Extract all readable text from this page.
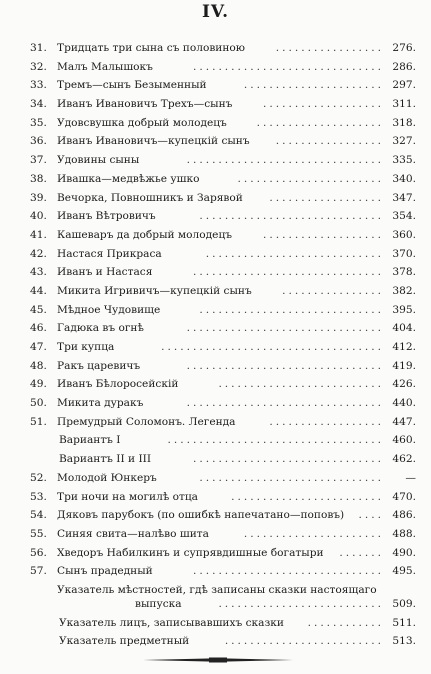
IV.
31. Тридцать три сына съ половиною	................. 276.
32. Малъ Малышокъ	.............................. 286.
33. Тремъ—сынъ Безыменный	...................... 297.
34. Иванъ Ивановичъ Трехъ—сынъ	................... 311.
35. Удовсвушка добрый молодецъ	.................... 318.
36. Иванъ Ивановичъ—купецкій сынъ	................. 327.
37. Удовины сыны	............................... 335.
38. Ивашка—медвѣжье ушко	....................... 340.
39. Вечорка, Повношникъ и Зарявой	.................. 347.
40. Иванъ Вѣтровичъ	............................. 354.
41. Кашеваръ да добрый молодецъ	................... 360.
42. Настася Прикраса	............................ 370.
43. Иванъ и Настася	.............................. 378.
44. Микита Игривичъ—купецкій сынъ	................ 382.
45. Мѣдное Чудовище	............................. 395.
46. Гадюка въ огнѣ	............................... 404.
47. Три купца	................................... 412.
48. Ракъ царевичъ	............................... 419.
49. Иванъ Бѣлоросейскій	.......................... 426.
50. Микита дуракъ	............................... 440.
51. Премудрый Соломонъ. Легенда	.................. 447.
Вариантъ I	.................................. 460.
Вариантъ II и III	.............................. 462.
52. Молодой Юнкеръ	............................. —
53. Три ночи на могилѣ отца	........................ 470.
54. Дяковъ парубокъ (по ошибкѣ напечатано—поповъ)	.... 486.
55. Синяя свита—налѣво шита	...................... 488.
56. Хведоръ Набилкинъ и супрявдишные богатыри	....... 490.
57. Сынъ прадедный	.............................. 495.
Указатель мѣстностей, гдѣ записаны сказки настоящаго
выпуска	.......................... 509.
Указатель лицъ, записывавшихъ сказки	............ 511.
Указатель предметный	......................... 513.
